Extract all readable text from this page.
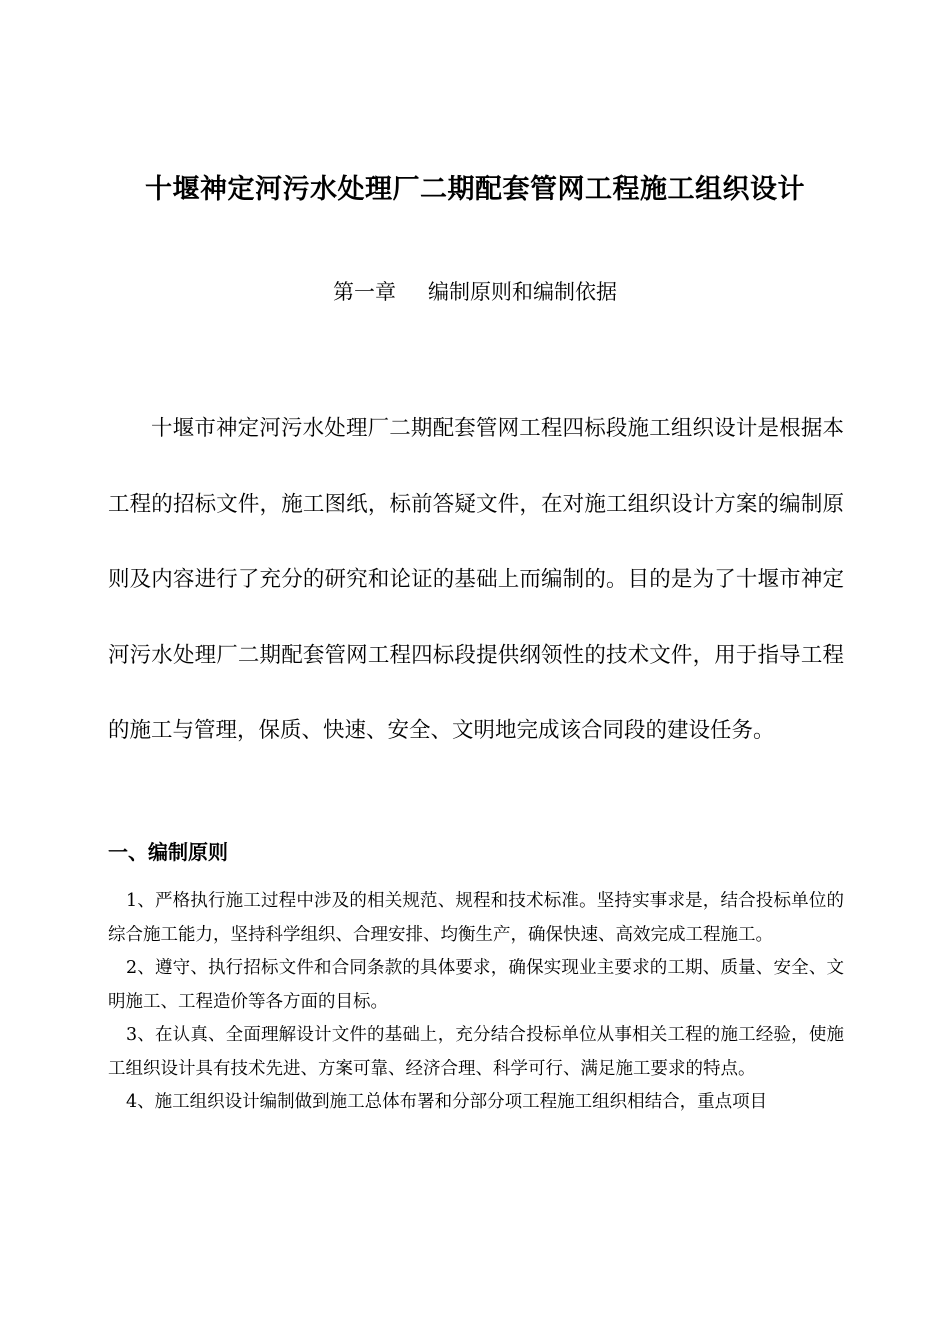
十堰神定河污水处理厂二期配套管网工程施工组织设计

第一章 编制原则和编制依据

十堰市神定河污水处理厂二期配套管网工程四标段施工组织设计是根据本工程的招标文件，施工图纸，标前答疑文件，在对施工组织设计方案的编制原则及内容进行了充分的研究和论证的基础上而编制的。目的是为了十堰市神定河污水处理厂二期配套管网工程四标段提供纲领性的技术文件，用于指导工程的施工与管理，保质、快速、安全、文明地完成该合同段的建设任务。

一、编制原则
1、严格执行施工过程中涉及的相关规范、规程和技术标准。坚持实事求是，结合投标单位的综合施工能力，坚持科学组织、合理安排、均衡生产，确保快速、高效完成工程施工。
2、遵守、执行招标文件和合同条款的具体要求，确保实现业主要求的工期、质量、安全、文明施工、工程造价等各方面的目标。
3、在认真、全面理解设计文件的基础上，充分结合投标单位从事相关工程的施工经验，使施工组织设计具有技术先进、方案可靠、经济合理、科学可行、满足施工要求的特点。
4、施工组织设计编制做到施工总体布署和分部分项工程施工组织相结合，重点项目
